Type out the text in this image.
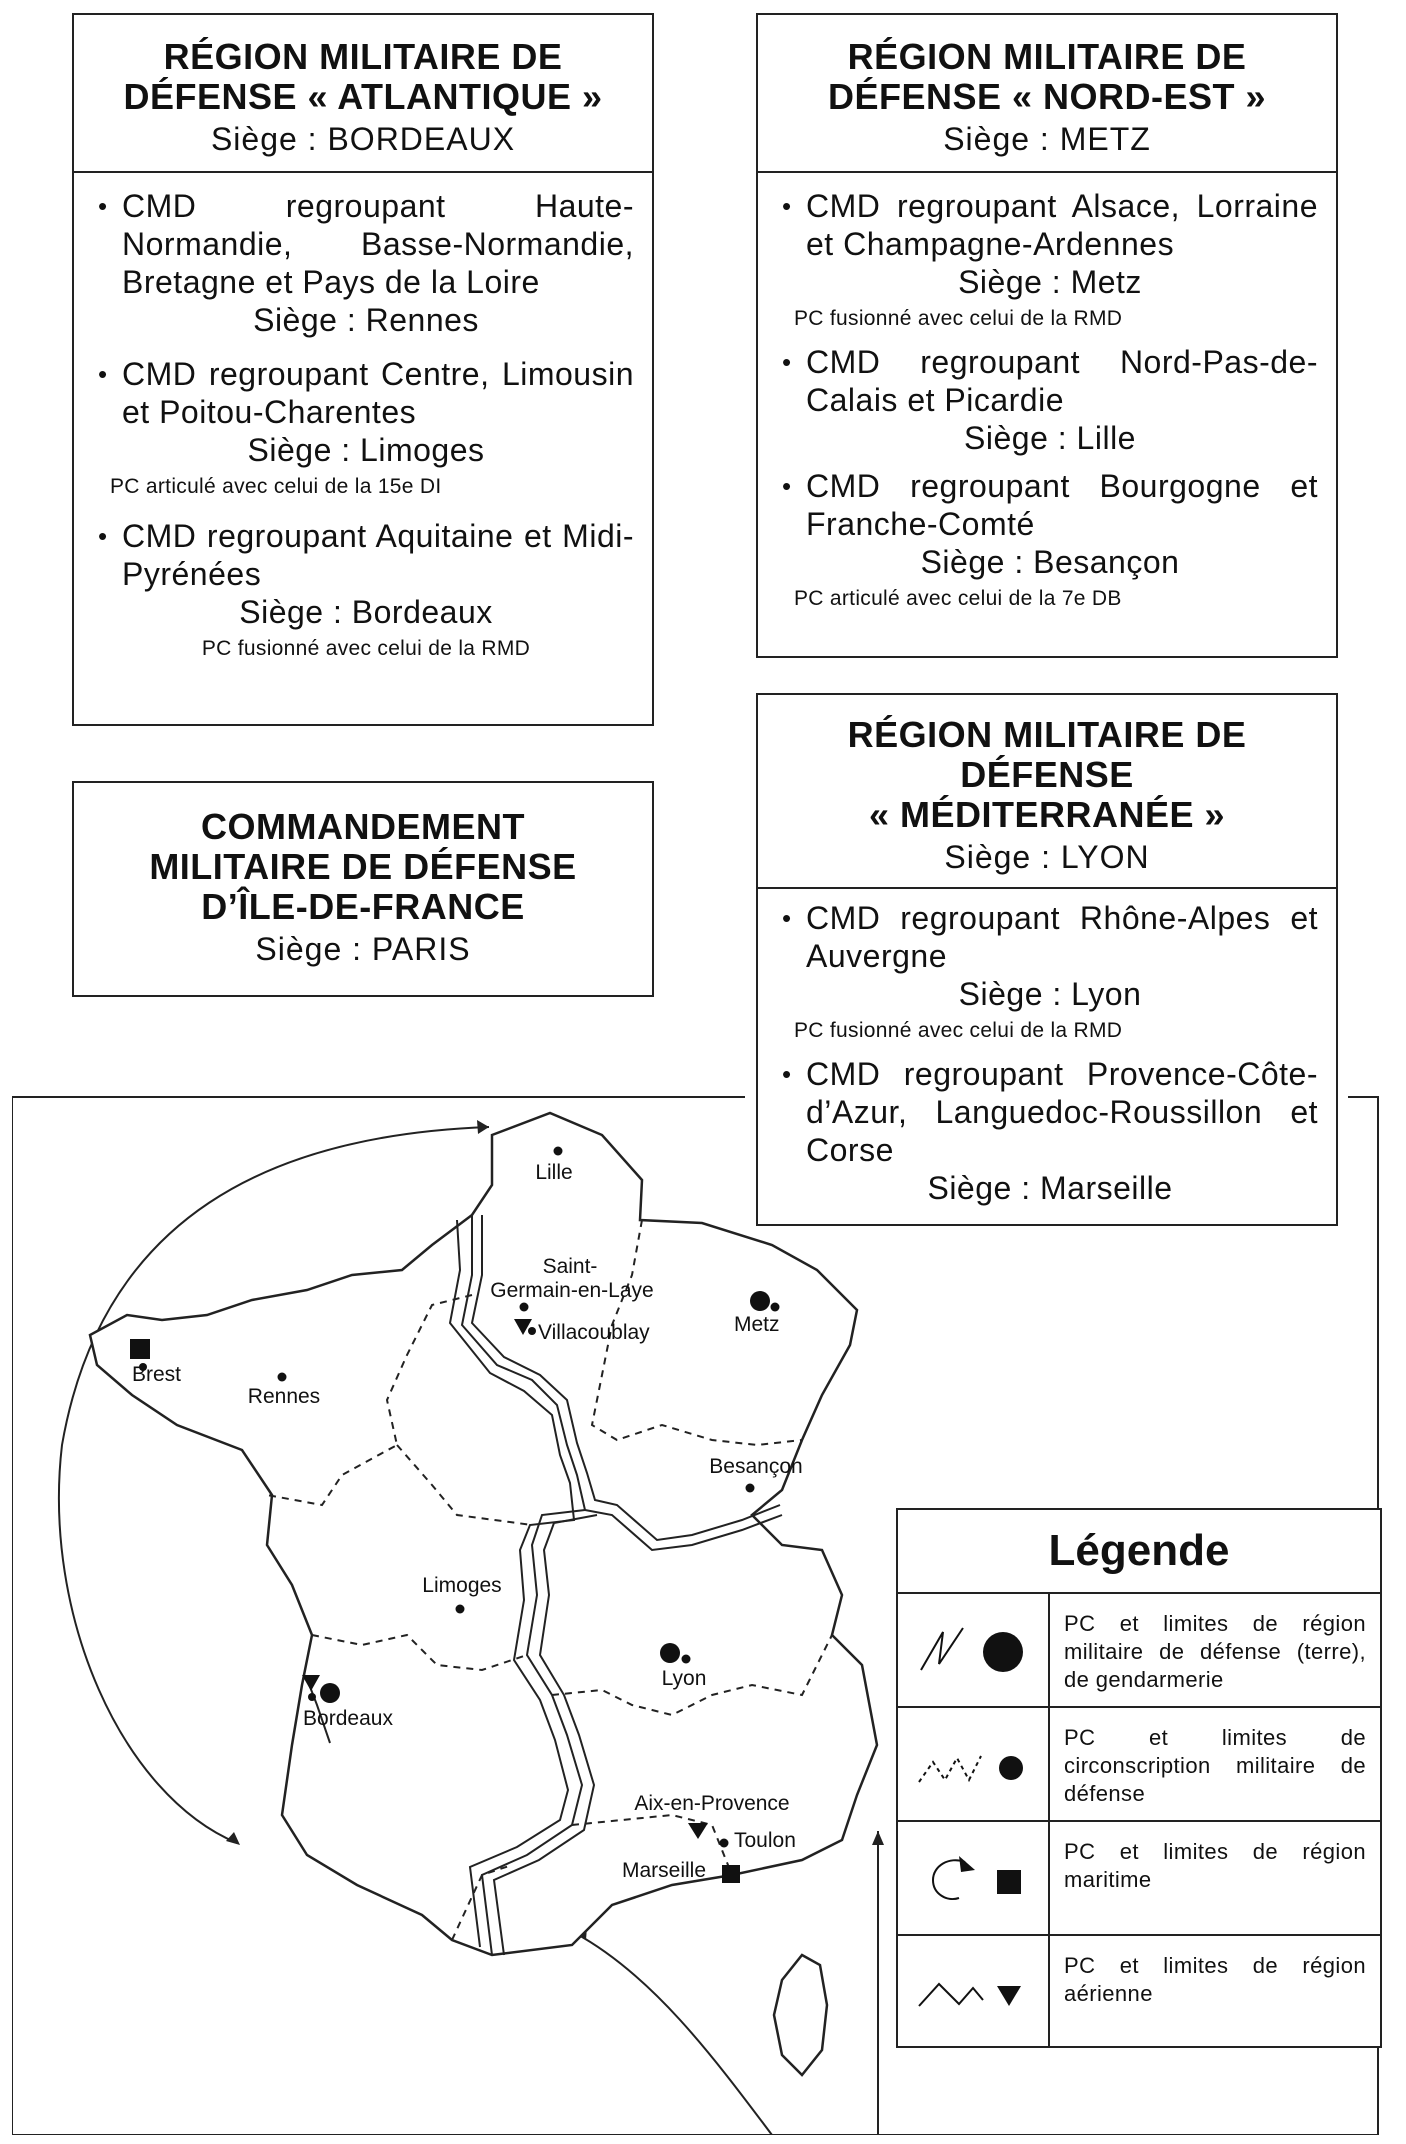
RÉGION MILITAIRE DE
DÉFENSE « ATLANTIQUE »
Siège : BORDEAUX
• CMD regroupant Haute-Normandie, Basse-Normandie, Bretagne et Pays de la Loire
Siège : Rennes
• CMD regroupant Centre, Limousin et Poitou-Charentes
Siège : Limoges
PC articulé avec celui de la 15e DI
• CMD regroupant Aquitaine et Midi-Pyrénées
Siège : Bordeaux
PC fusionné avec celui de la RMD
RÉGION MILITAIRE DE
DÉFENSE « NORD-EST »
Siège : METZ
• CMD regroupant Alsace, Lorraine et Champagne-Ardennes
Siège : Metz
PC fusionné avec celui de la RMD
• CMD regroupant Nord-Pas-de-Calais et Picardie
Siège : Lille
• CMD regroupant Bourgogne et Franche-Comté
Siège : Besançon
PC articulé avec celui de la 7e DB
COMMANDEMENT
MILITAIRE DE DÉFENSE
D’ÎLE-DE-FRANCE
Siège : PARIS
RÉGION MILITAIRE DE
DÉFENSE
« MÉDITERRANÉE »
Siège : LYON
• CMD regroupant Rhône-Alpes et Auvergne
Siège : Lyon
PC fusionné avec celui de la RMD
• CMD regroupant Provence-Côte-d’Azur, Languedoc-Roussillon et Corse
Siège : Marseille
Lille
Saint-
Germain-en-Laye
Villacoublay	Metz
Brest
Rennes
Besançon
Limoges
Lyon
Bordeaux
Aix-en-Provence
Toulon
Marseille
Légende
PC et limites de région militaire de défense (terre), de gendarmerie
PC et limites de circonscription militaire de défense
PC et limites de région maritime
PC et limites de région aérienne
